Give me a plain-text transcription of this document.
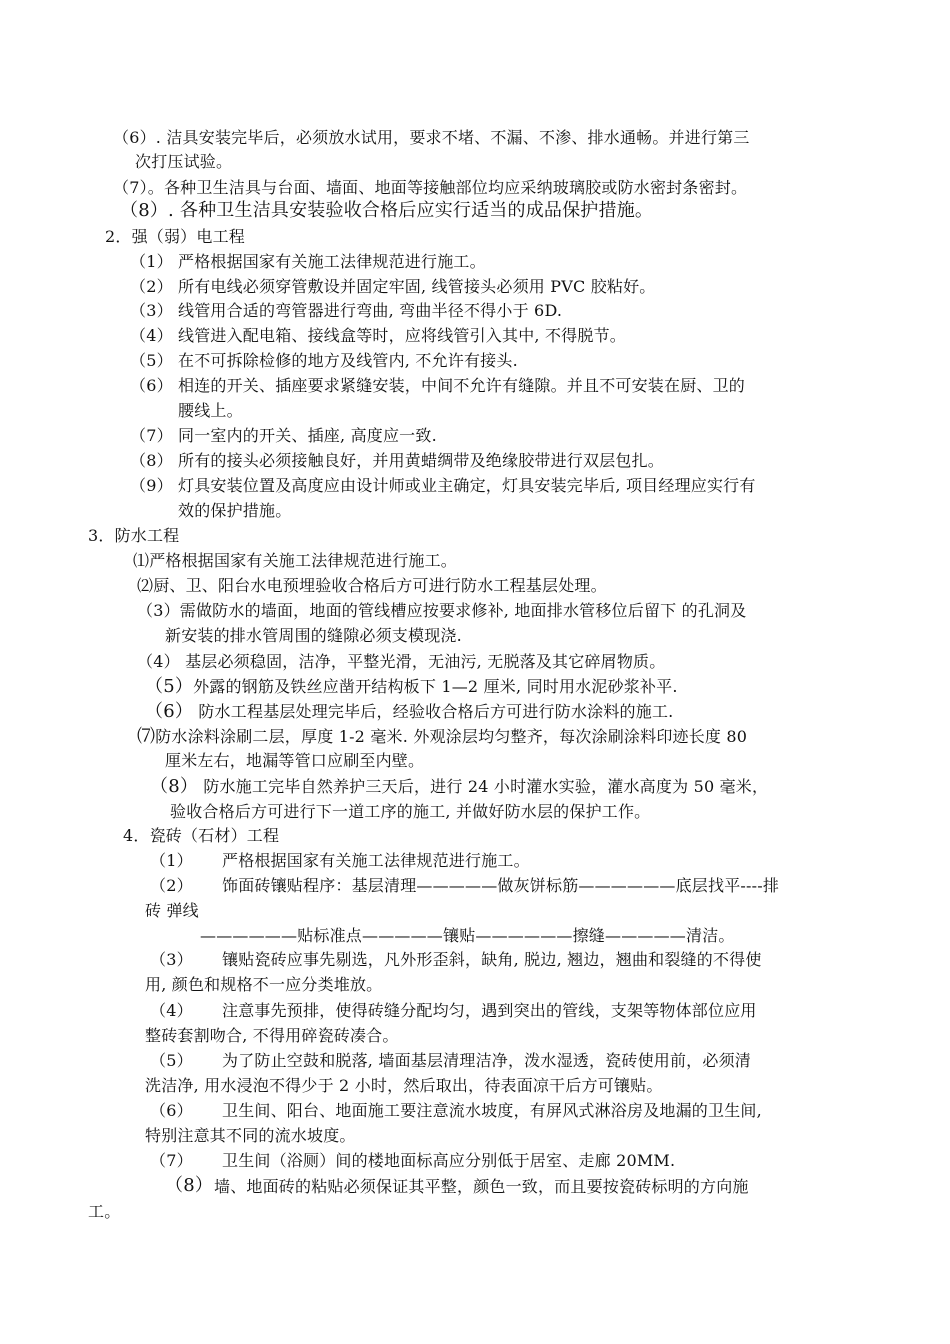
（6）. 洁具安装完毕后，必须放水试用，要求不堵、不漏、不渗、排水通畅。并进行第三
次打压试验。
（7）。各种卫生洁具与台面、墙面、地面等接触部位均应采纳玻璃胶或防水密封条密封。
（8）. 各种卫生洁具安装验收合格后应实行适当的成品保护措施。
2．强（弱）电工程
（1） 严格根据国家有关施工法律规范进行施工。
（2） 所有电线必须穿管敷设并固定牢固, 线管接头必须用 PVC 胶粘好。
（3） 线管用合适的弯管器进行弯曲, 弯曲半径不得小于 6D.
（4） 线管进入配电箱、接线盒等时，应将线管引入其中, 不得脱节。
（5） 在不可拆除检修的地方及线管内, 不允许有接头.
（6） 相连的开关、插座要求紧缝安装，中间不允许有缝隙。并且不可安装在厨、卫的
腰线上。
（7） 同一室内的开关、插座, 高度应一致.
（8） 所有的接头必须接触良好，并用黄蜡绸带及绝缘胶带进行双层包扎。
（9） 灯具安装位置及高度应由设计师或业主确定，灯具安装完毕后, 项目经理应实行有
效的保护措施。
3．防水工程
⑴严格根据国家有关施工法律规范进行施工。
⑵厨、卫、阳台水电预埋验收合格后方可进行防水工程基层处理。
（3）需做防水的墙面，地面的管线槽应按要求修补, 地面排水管移位后留下 的孔洞及
新安装的排水管周围的缝隙必须支模现浇.
（4） 基层必须稳固，洁净，平整光滑，无油污, 无脱落及其它碎屑物质。
（5）外露的钢筋及铁丝应凿开结构板下 1—2 厘米, 同时用水泥砂浆补平.
（6） 防水工程基层处理完毕后，经验收合格后方可进行防水涂料的施工.
⑺防水涂料涂刷二层，厚度 1-2 毫米. 外观涂层均匀整齐，每次涂刷涂料印迹长度 80
厘米左右，地漏等管口应刷至内壁。
（8） 防水施工完毕自然养护三天后，进行 24 小时灌水实验，灌水高度为 50 毫米，
验收合格后方可进行下一道工序的施工, 并做好防水层的保护工作。
4．瓷砖（石材）工程
（1） 严格根据国家有关施工法律规范进行施工。
（2） 饰面砖镶贴程序：基层清理—————做灰饼标筋——————底层找平----排
砖 弹线
——————贴标准点—————镶贴——————擦缝—————清洁。
（3） 镶贴瓷砖应事先剔选，凡外形歪斜，缺角, 脱边, 翘边，翘曲和裂缝的不得使
用, 颜色和规格不一应分类堆放。
（4） 注意事先预排，使得砖缝分配均匀，遇到突出的管线，支架等物体部位应用
整砖套割吻合, 不得用碎瓷砖凑合。
（5） 为了防止空鼓和脱落, 墙面基层清理洁净，泼水湿透，瓷砖使用前，必须清
洗洁净, 用水浸泡不得少于 2 小时，然后取出，待表面凉干后方可镶贴。
（6） 卫生间、阳台、地面施工要注意流水坡度，有屏风式淋浴房及地漏的卫生间,
特别注意其不同的流水坡度。
（7） 卫生间（浴厕）间的楼地面标高应分别低于居室、走廊 20MM.
（8） 墙、地面砖的粘贴必须保证其平整，颜色一致，而且要按瓷砖标明的方向施
工。
